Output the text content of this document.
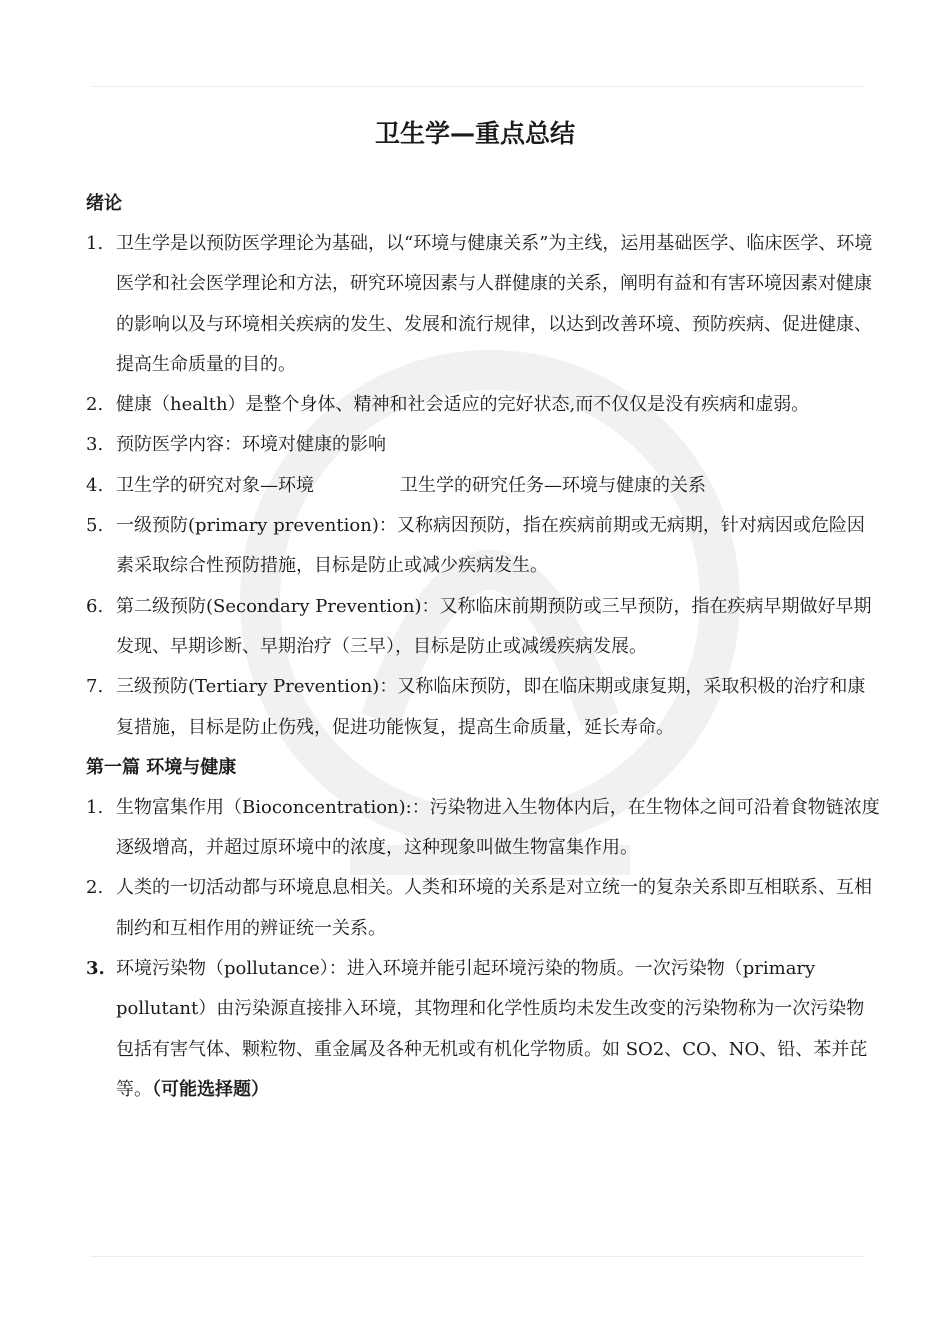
卫生学—重点总结
绪论
1. 卫生学是以预防医学理论为基础，以“环境与健康关系”为主线，运用基础医学、临床医学、环境医学和社会医学理论和方法，研究环境因素与人群健康的关系，阐明有益和有害环境因素对健康的影响以及与环境相关疾病的发生、发展和流行规律，以达到改善环境、预防疾病、促进健康、提高生命质量的目的。
2. 健康（health）是整个身体、精神和社会适应的完好状态,而不仅仅是没有疾病和虚弱。
3. 预防医学内容：环境对健康的影响
4. 卫生学的研究对象—环境	卫生学的研究任务—环境与健康的关系
5. 一级预防(primary prevention)：又称病因预防，指在疾病前期或无病期，针对病因或危险因素采取综合性预防措施，目标是防止或减少疾病发生。
6. 第二级预防(Secondary Prevention)：又称临床前期预防或三早预防，指在疾病早期做好早期发现、早期诊断、早期治疗（三早），目标是防止或减缓疾病发展。
7. 三级预防(Tertiary Prevention)：又称临床预防，即在临床期或康复期，采取积极的治疗和康复措施，目标是防止伤残，促进功能恢复，提高生命质量，延长寿命。
第一篇 环境与健康
1. 生物富集作用（Bioconcentration):：污染物进入生物体内后，在生物体之间可沿着食物链浓度逐级增高，并超过原环境中的浓度，这种现象叫做生物富集作用。
2. 人类的一切活动都与环境息息相关。人类和环境的关系是对立统一的复杂关系即互相联系、互相制约和互相作用的辨证统一关系。
3. 环境污染物（pollutance）：进入环境并能引起环境污染的物质。一次污染物（primary pollutant）由污染源直接排入环境，其物理和化学性质均未发生改变的污染物称为一次污染物 包括有害气体、颗粒物、重金属及各种无机或有机化学物质。如 SO2、CO、NO、铅、苯并芘等。（可能选择题）
